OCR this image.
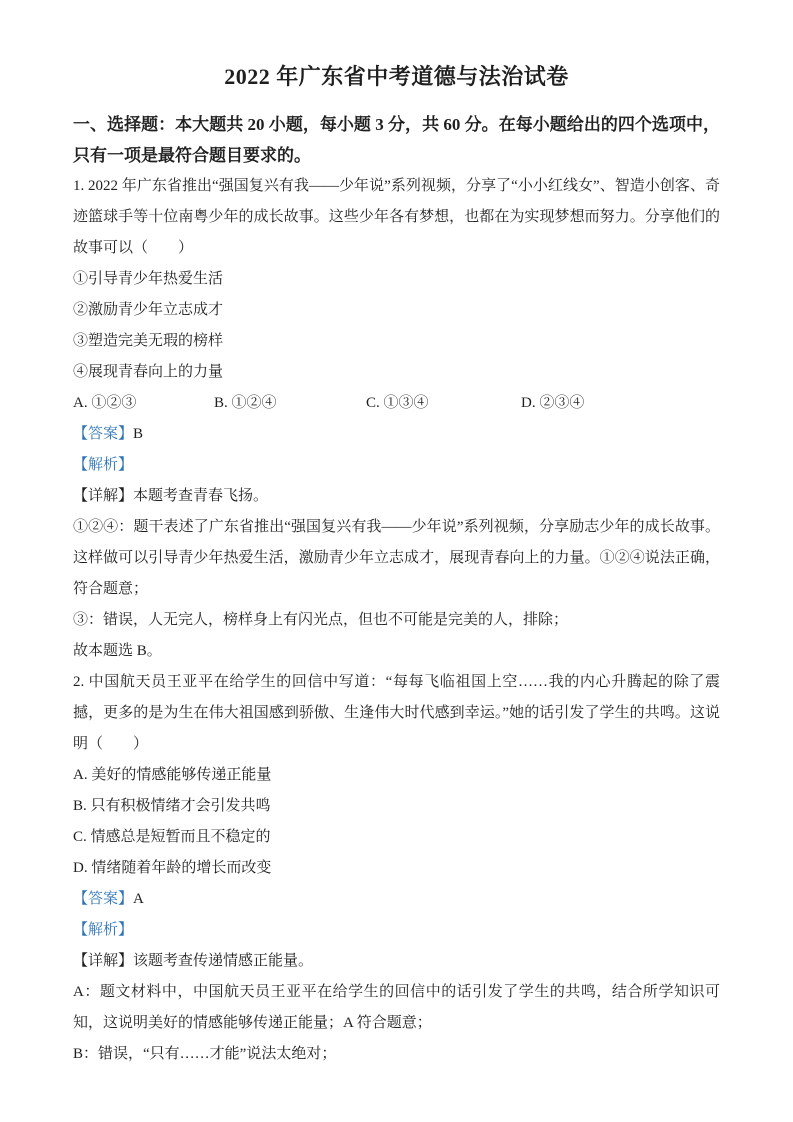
2022 年广东省中考道德与法治试卷

一、选择题：本大题共 20 小题，每小题 3 分，共 60 分。在每小题给出的四个选项中，只有一项是最符合题目要求的。

1. 2022 年广东省推出“强国复兴有我——少年说”系列视频，分享了“小小红线女”、智造小创客、奇迹篮球手等十位南粤少年的成长故事。这些少年各有梦想，也都在为实现梦想而努力。分享他们的故事可以（　　）

①引导青少年热爱生活

②激励青少年立志成才

③塑造完美无瑕的榜样

④展现青春向上的力量

A. ①②③	B. ①②④	C. ①③④	D. ②③④

【答案】B

【解析】

【详解】本题考查青春飞扬。

①②④：题干表述了广东省推出“强国复兴有我——少年说”系列视频，分享励志少年的成长故事。这样做可以引导青少年热爱生活，激励青少年立志成才，展现青春向上的力量。①②④说法正确，符合题意；

③：错误，人无完人，榜样身上有闪光点，但也不可能是完美的人，排除；

故本题选 B。

2. 中国航天员王亚平在给学生的回信中写道：“每每飞临祖国上空……我的内心升腾起的除了震撼，更多的是为生在伟大祖国感到骄傲、生逢伟大时代感到幸运。”她的话引发了学生的共鸣。这说明（　　）

A. 美好的情感能够传递正能量

B. 只有积极情绪才会引发共鸣

C. 情感总是短暂而且不稳定的

D. 情绪随着年龄的增长而改变

【答案】A

【解析】

【详解】该题考查传递情感正能量。

A：题文材料中，中国航天员王亚平在给学生的回信中的话引发了学生的共鸣，结合所学知识可知，这说明美好的情感能够传递正能量；A 符合题意；

B：错误，“只有……才能”说法太绝对；
